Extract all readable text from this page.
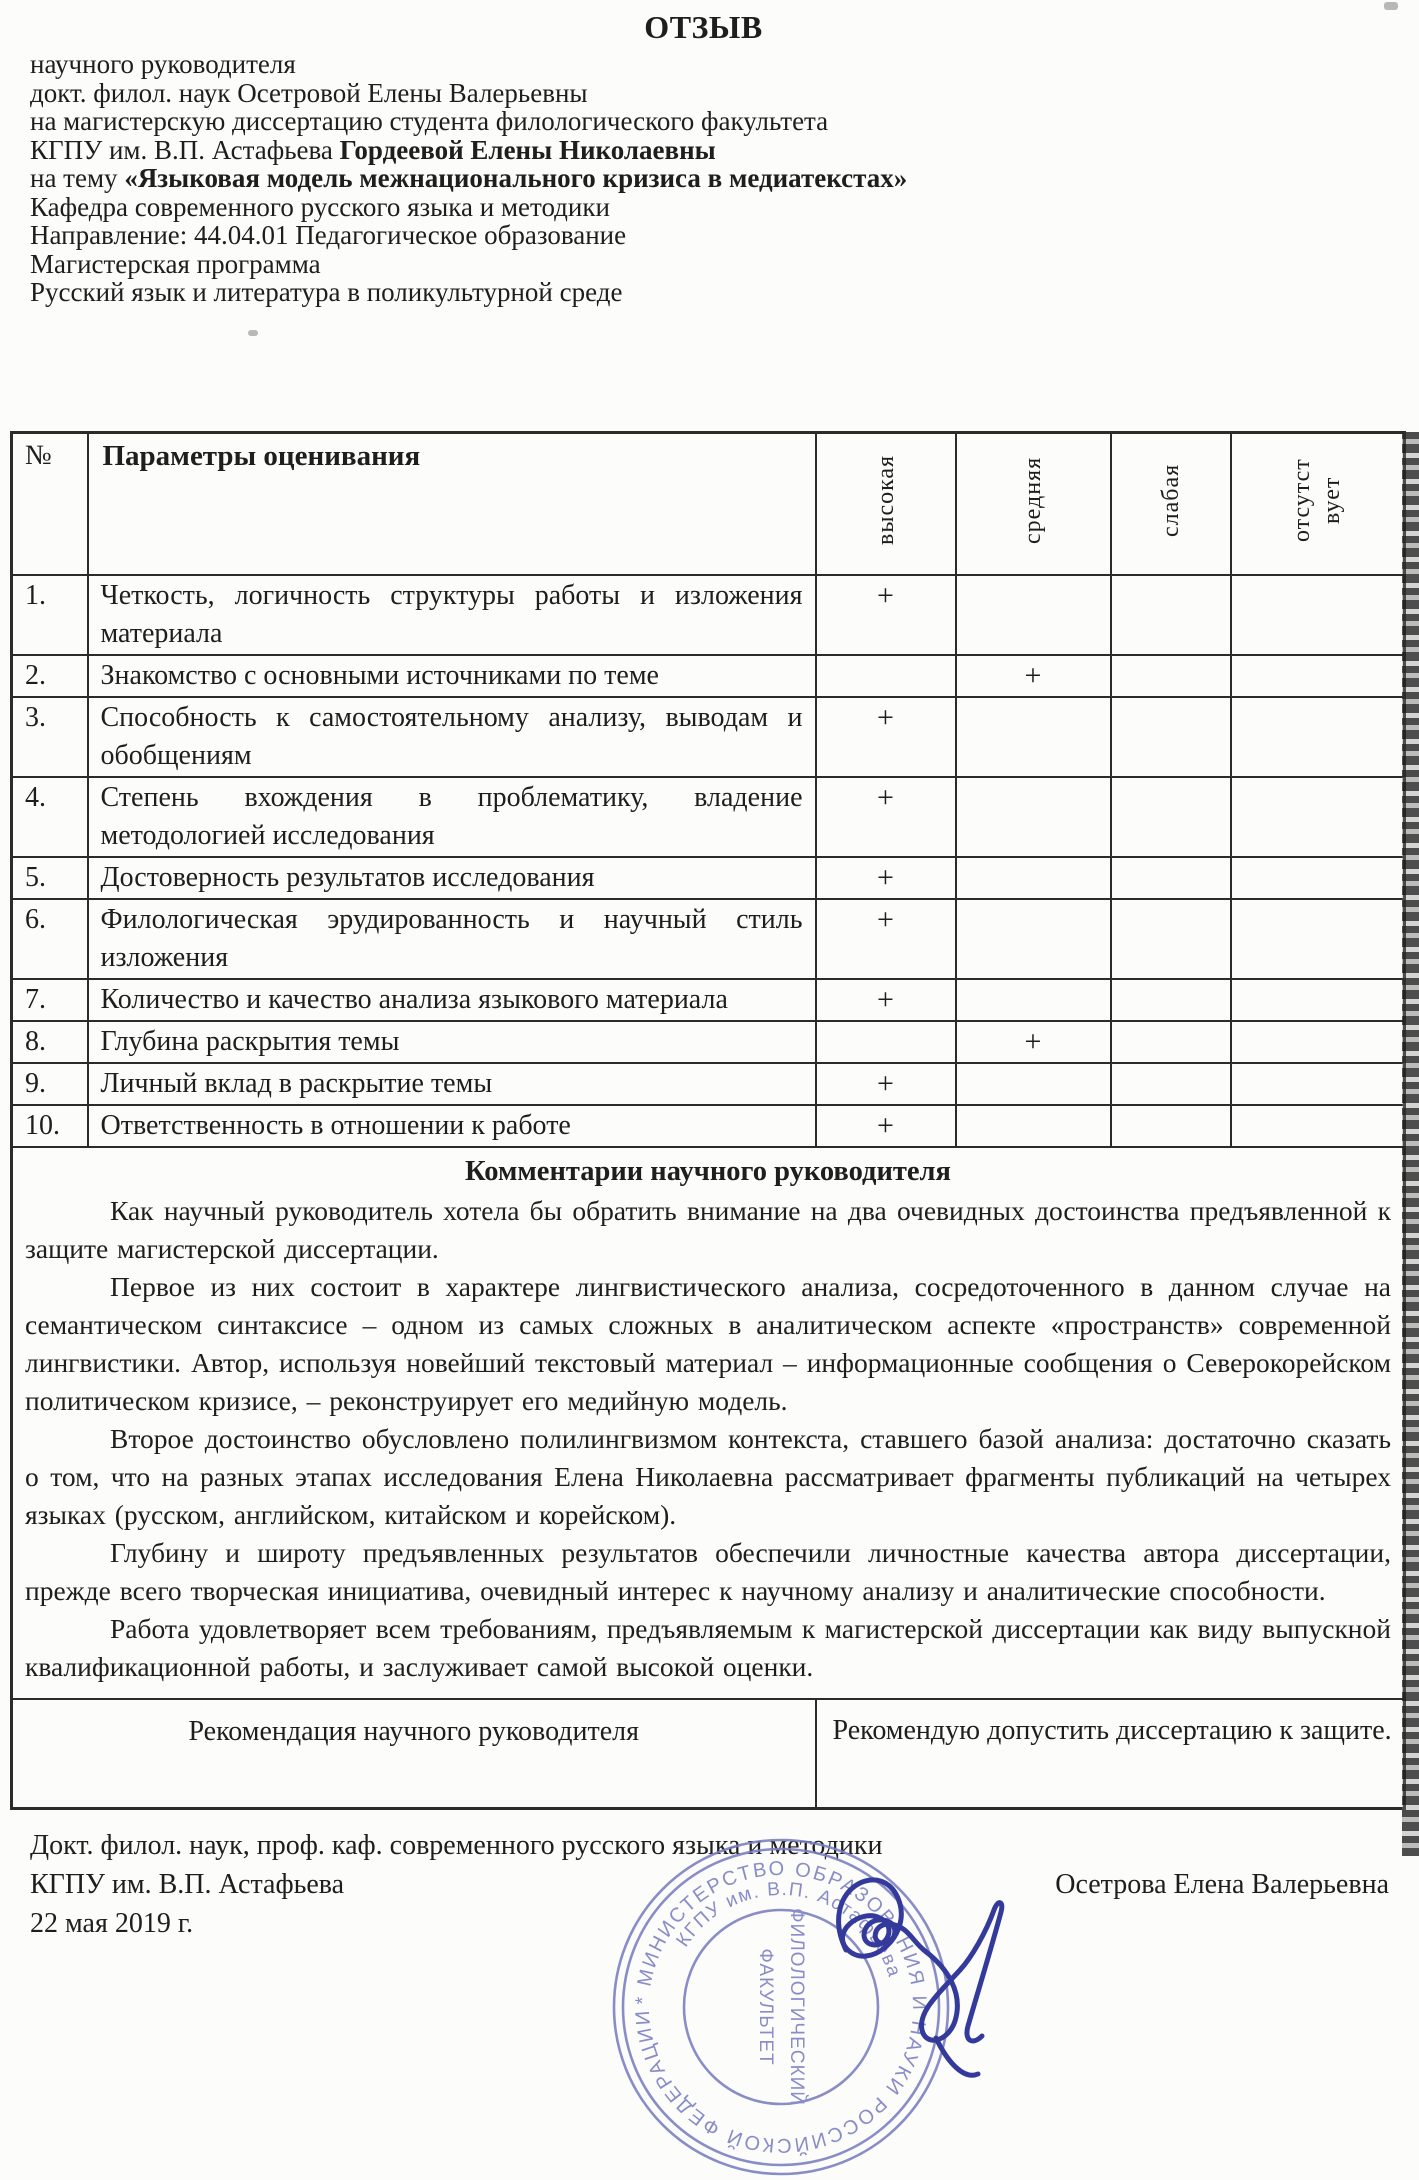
ОТЗЫВ
научного руководителя
докт. филол. наук Осетровой Елены Валерьевны
на магистерскую диссертацию студента филологического факультета
КГПУ им. В.П. Астафьева Гордеевой Елены Николаевны
на тему «Языковая модель межнационального кризиса в медиатекстах»
Кафедра современного русского языка и методики
Направление: 44.04.01 Педагогическое образование
Магистерская программа
Русский язык и литература в поликультурной среде
№	Параметры оценивания	высокая	средняя	слабая	отсутст вует
1.	Четкость, логичность структуры работы и изложения материала	+			
2.	Знакомство с основными источниками по теме		+		
3.	Способность к самостоятельному анализу, выводам и обобщениям	+			
4.	Степень вхождения в проблематику, владение методологией исследования	+			
5.	Достоверность результатов исследования	+			
6.	Филологическая эрудированность и научный стиль изложения	+			
7.	Количество и качество анализа языкового материала	+			
8.	Глубина раскрытия темы		+		
9.	Личный вклад в раскрытие темы	+			
10.	Ответственность в отношении к работе	+			

Комментарии научного руководителя

Как научный руководитель хотела бы обратить внимание на два очевидных достоинства предъявленной к защите магистерской диссертации.

Первое из них состоит в характере лингвистического анализа, сосредоточенного в данном случае на семантическом синтаксисе – одном из самых сложных в аналитическом аспекте «пространств» современной лингвистики. Автор, используя новейший текстовый материал – информационные сообщения о Северокорейском политическом кризисе, – реконструирует его медийную модель.

Второе достоинство обусловлено полилингвизмом контекста, ставшего базой анализа: достаточно сказать о том, что на разных этапах исследования Елена Николаевна рассматривает фрагменты публикаций на четырех языках (русском, английском, китайском и корейском).

Глубину и широту предъявленных результатов обеспечили личностные качества автора диссертации, прежде всего творческая инициатива, очевидный интерес к научному анализу и аналитические способности.

Работа удовлетворяет всем требованиям, предъявляемым к магистерской диссертации как виду выпускной квалификационной работы, и заслуживает самой высокой оценки.

Рекомендация научного руководителя		Рекомендую допустить диссертацию к защите.			
Докт. филол. наук, проф. каф. современного русского языка и методики
КГПУ им. В.П. Астафьева	Осетрова Елена Валерьевна
22 мая 2019 г.
* МИНИСТЕРСТВО ОБРАЗОВАНИЯ И НАУКИ РОССИЙСКОЙ ФЕДЕРАЦИИ
КГПУ им. В.П. Астафьева
ФИЛОЛОГИЧЕСКИЙ
ФАКУЛЬТЕТ
